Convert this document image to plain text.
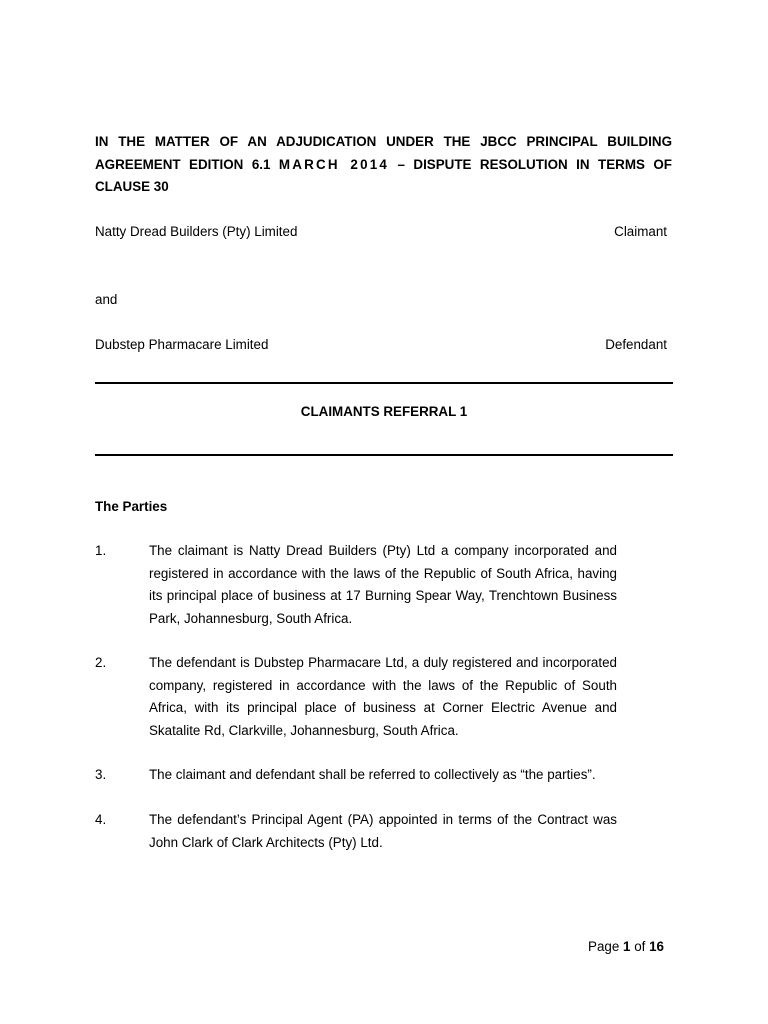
IN THE MATTER OF AN ADJUDICATION UNDER THE JBCC PRINCIPAL BUILDING AGREEMENT EDITION 6.1 MARCH 2014 – DISPUTE RESOLUTION IN TERMS OF CLAUSE 30
Natty Dread Builders (Pty) Limited	Claimant
and
Dubstep Pharmacare Limited	Defendant
CLAIMANTS REFERRAL 1
The Parties
1.	The claimant is Natty Dread Builders (Pty) Ltd a company incorporated and registered in accordance with the laws of the Republic of South Africa, having its principal place of business at 17 Burning Spear Way, Trenchtown Business Park, Johannesburg, South Africa.
2.	The defendant is Dubstep Pharmacare Ltd, a duly registered and incorporated company, registered in accordance with the laws of the Republic of South Africa, with its principal place of business at Corner Electric Avenue and Skatalite Rd, Clarkville, Johannesburg, South Africa.
3.	The claimant and defendant shall be referred to collectively as “the parties”.
4.	The defendant’s Principal Agent (PA) appointed in terms of the Contract was John Clark of Clark Architects (Pty) Ltd.
Page 1 of 16
